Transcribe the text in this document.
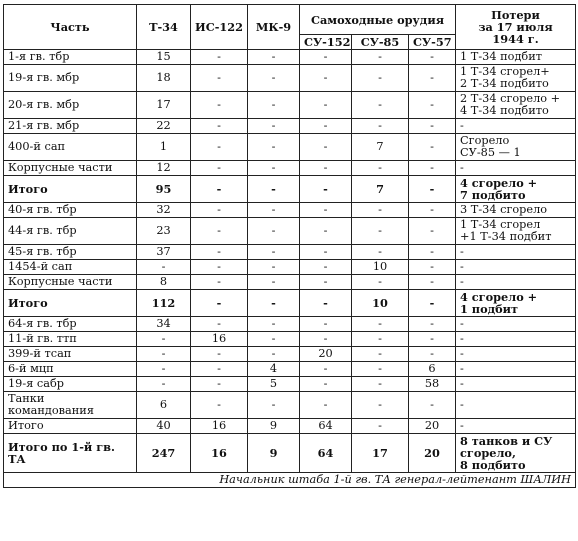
Часть	Т-34	ИС-122	МК-9	Самоходные орудия			Потери
за 17 июля
1944 г.
				СУ-152	СУ-85	СУ-57	
1-я гв. тбр	15	-	-	-	-	-	1 Т-34 подбит
19-я гв. мбр	18	-	-	-	-	-	1 Т-34 сгорел+
2 Т-34 подбито
20-я гв. мбр	17	-	-	-	-	-	2 Т-34 сгорело +
4 Т-34 подбито
21-я гв. мбр	22	-	-	-	-	-	-
400-й сап	1	-	-	-	7	-	Сгорело
СУ-85 — 1
Корпусные части	12	-	-	-	-	-	-
Итого	95	-	-	-	7	-	4 сгорело +
7 подбито
40-я гв. тбр	32	-	-	-	-	-	3 Т-34 сгорело
44-я гв. тбр	23	-	-	-	-	-	1 Т-34 сгорел
+1 Т-34 подбит
45-я гв. тбр	37	-	-	-	-	-	-
1454-й сап	-	-	-	-	10	-	-
Корпусные части	8	-	-	-	-	-	-
Итого	112	-	-	-	10	-	4 сгорело +
1 подбит
64-я гв. тбр	34	-	-	-	-	-	-
11-й гв. ттп	-	16	-	-	-	-	-
399-й тсап	-	-	-	20	-	-	-
6-й мцп	-	-	4	-	-	6	-
19-я сабр	-	-	5	-	-	58	-
Танки
командования	6	-	-	-	-	-	-
Итого	40	16	9	64	-	20	-
Итого по 1-й гв. ТА	247	16	9	64	17	20	8 танков и СУ
сгорело,
8 подбито
Начальник штаба 1-й гв. ТА генерал-лейтенант ШАЛИН							
